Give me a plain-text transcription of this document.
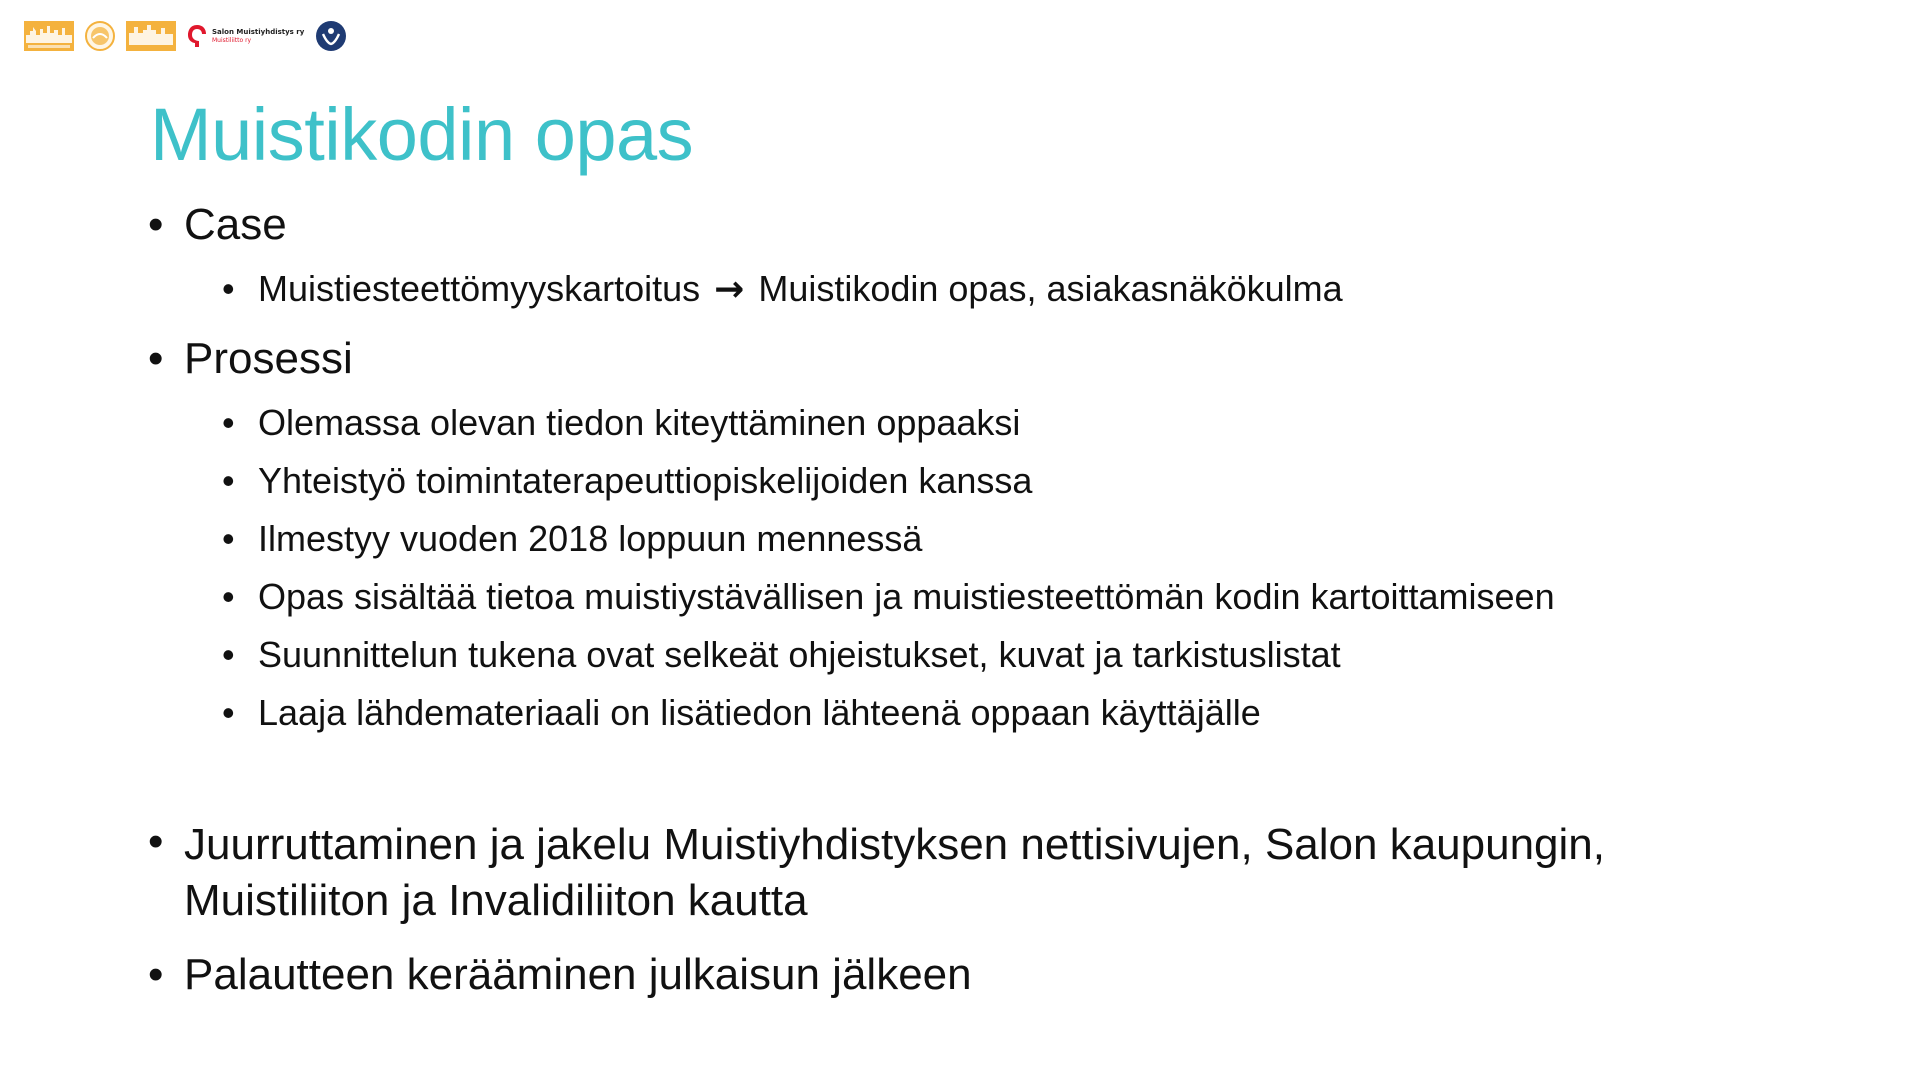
Salon Muistiyhdistys ry
Muistiliitto ry
Muistikodin opas
• Case
• Muistiesteettömyyskartoitus → Muistikodin opas, asiakasnäkökulma
• Prosessi
• Olemassa olevan tiedon kiteyttäminen oppaaksi
• Yhteistyö toimintaterapeuttiopiskelijoiden kanssa
• Ilmestyy vuoden 2018 loppuun mennessä
• Opas sisältää tietoa muistiystävällisen ja muistiesteettömän kodin kartoittamiseen
• Suunnittelun tukena ovat selkeät ohjeistukset, kuvat ja tarkistuslistat
• Laaja lähdemateriaali on lisätiedon lähteenä oppaan käyttäjälle
• Juurruttaminen ja jakelu Muistiyhdistyksen nettisivujen, Salon kaupungin, Muistiliiton ja Invalidiliiton kautta
• Palautteen kerääminen julkaisun jälkeen
